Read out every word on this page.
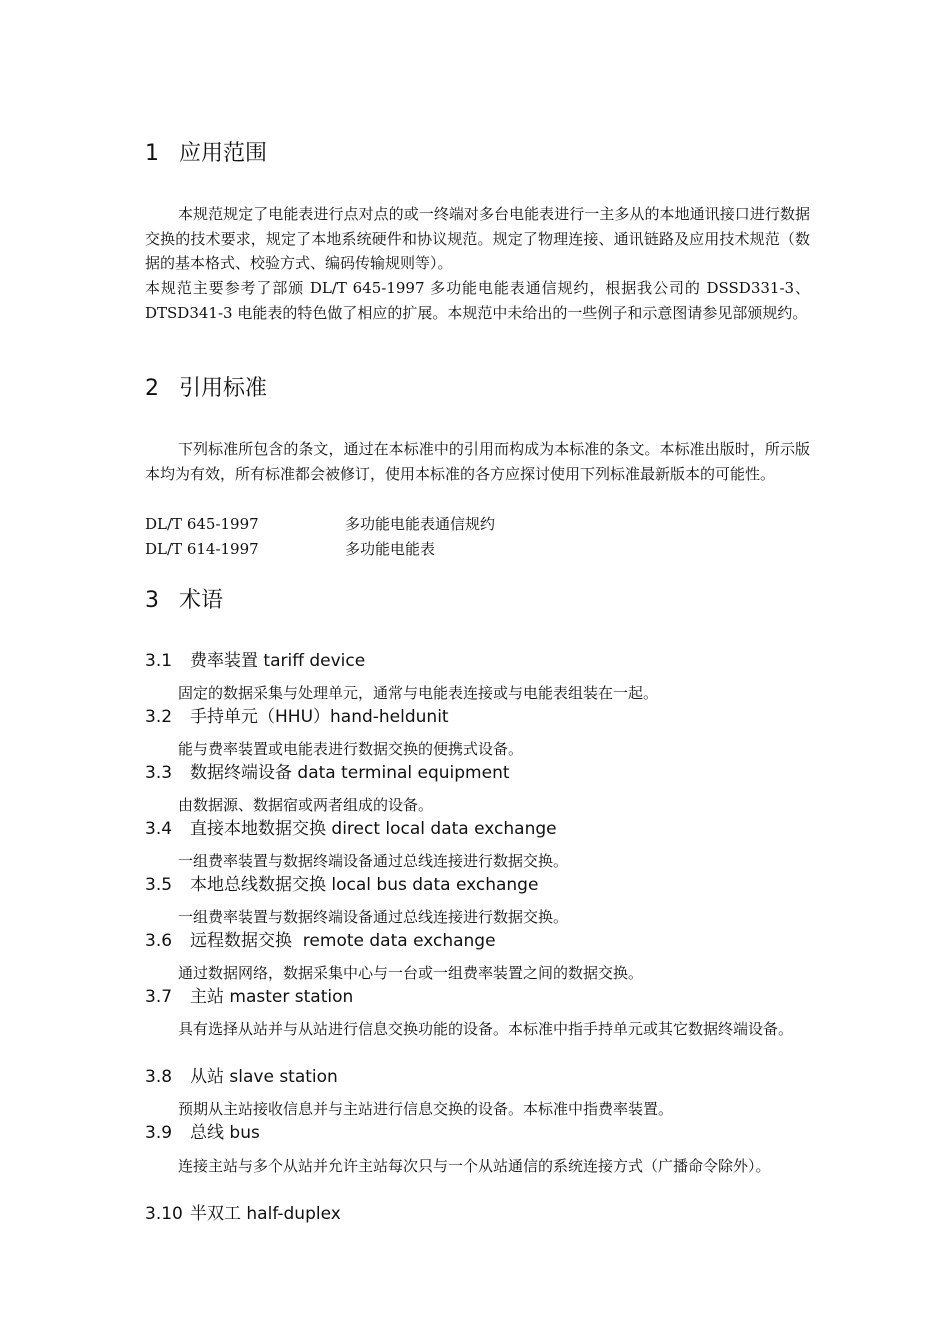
1 应用范围
本规范规定了电能表进行点对点的或一终端对多台电能表进行一主多从的本地通讯接口进行数据交换的技术要求，规定了本地系统硬件和协议规范。规定了物理连接、通讯链路及应用技术规范（数据的基本格式、校验方式、编码传输规则等）。
本规范主要参考了部颁 DL/T 645-1997 多功能电能表通信规约，根据我公司的 DSSD331-3、DTSD341-3 电能表的特色做了相应的扩展。本规范中未给出的一些例子和示意图请参见部颁规约。
2 引用标准
下列标准所包含的条文，通过在本标准中的引用而构成为本标准的条文。本标准出版时，所示版本均为有效，所有标准都会被修订，使用本标准的各方应探讨使用下列标准最新版本的可能性。
DL/T 645-1997	多功能电能表通信规约
DL/T 614-1997	多功能电能表
3 术语
3.1 费率装置 tariff device
固定的数据采集与处理单元，通常与电能表连接或与电能表组装在一起。
3.2 手持单元（HHU）hand-heldunit
能与费率装置或电能表进行数据交换的便携式设备。
3.3 数据终端设备 data terminal equipment
由数据源、数据宿或两者组成的设备。
3.4 直接本地数据交换 direct local data exchange
一组费率装置与数据终端设备通过总线连接进行数据交换。
3.5 本地总线数据交换 local bus data exchange
一组费率装置与数据终端设备通过总线连接进行数据交换。
3.6 远程数据交换  remote data exchange
通过数据网络，数据采集中心与一台或一组费率装置之间的数据交换。
3.7 主站 master station
具有选择从站并与从站进行信息交换功能的设备。本标准中指手持单元或其它数据终端设备。
3.8 从站 slave station
预期从主站接收信息并与主站进行信息交换的设备。本标准中指费率装置。
3.9 总线 bus
连接主站与多个从站并允许主站每次只与一个从站通信的系统连接方式（广播命令除外）。
3.10 半双工 half-duplex
